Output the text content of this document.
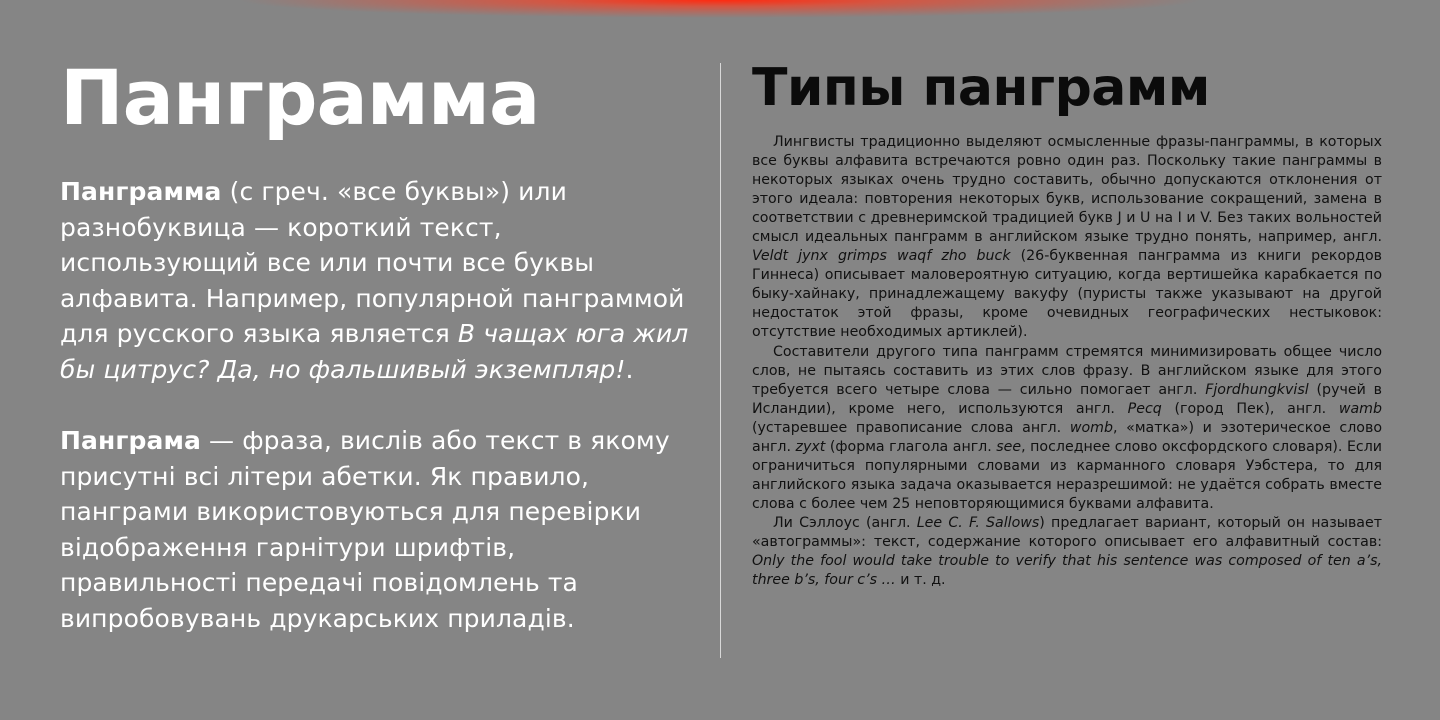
Панграмма

Панграмма (с греч. «все буквы») или разнобуквица — короткий текст, использующий все или почти все буквы алфавита. Например, популярной панграммой для русского языка является В чащах юга жил бы цитрус? Да, но фальшивый экземпляр!.

Панграма — фраза, вислів або текст в якому присутні всі літери абетки. Як правило, панграми використовуються для перевірки відображення гарнітури шрифтів, правильності передачі повідомлень та випробовувань друкарських приладів.

Типы панграмм

Лингвисты традиционно выделяют осмысленные фразы-панграммы, в которых все буквы алфавита встречаются ровно один раз. Поскольку такие панграммы в некоторых языках очень трудно составить, обычно допускаются отклонения от этого идеала: повторения некоторых букв, использование сокращений, замена в соответствии с древнеримской традицией букв J и U на I и V. Без таких вольностей смысл идеальных панграмм в английском языке трудно понять, например, англ. Veldt jynx grimps waqf zho buck (26-буквенная панграмма из книги рекордов Гиннеса) описывает маловероятную ситуацию, когда вертишейка карабкается по быку-хайнаку, принадлежащему вакуфу (пуристы также указывают на другой недостаток этой фразы, кроме очевидных географических нестыковок: отсутствие необходимых артиклей).

Составители другого типа панграмм стремятся минимизировать общее число слов, не пытаясь составить из этих слов фразу. В английском языке для этого требуется всего четыре слова — сильно помогает англ. Fjordhungkvisl (ручей в Исландии), кроме него, используются англ. Pecq (город Пек), англ. wamb (устаревшее правописание слова англ. womb, «матка») и эзотерическое слово англ. zyxt (форма глагола англ. see, последнее слово оксфордского словаря). Если ограничиться популярными словами из карманного словаря Уэбстера, то для английского языка задача оказывается неразрешимой: не удаётся собрать вместе слова с более чем 25 неповторяющимися буквами алфавита.

Ли Сэллоус (англ. Lee C. F. Sallows) предлагает вариант, который он называет «автограммы»: текст, содержание которого описывает его алфавитный состав: Only the fool would take trouble to verify that his sentence was composed of ten a’s, three b’s, four c’s … и т. д.
